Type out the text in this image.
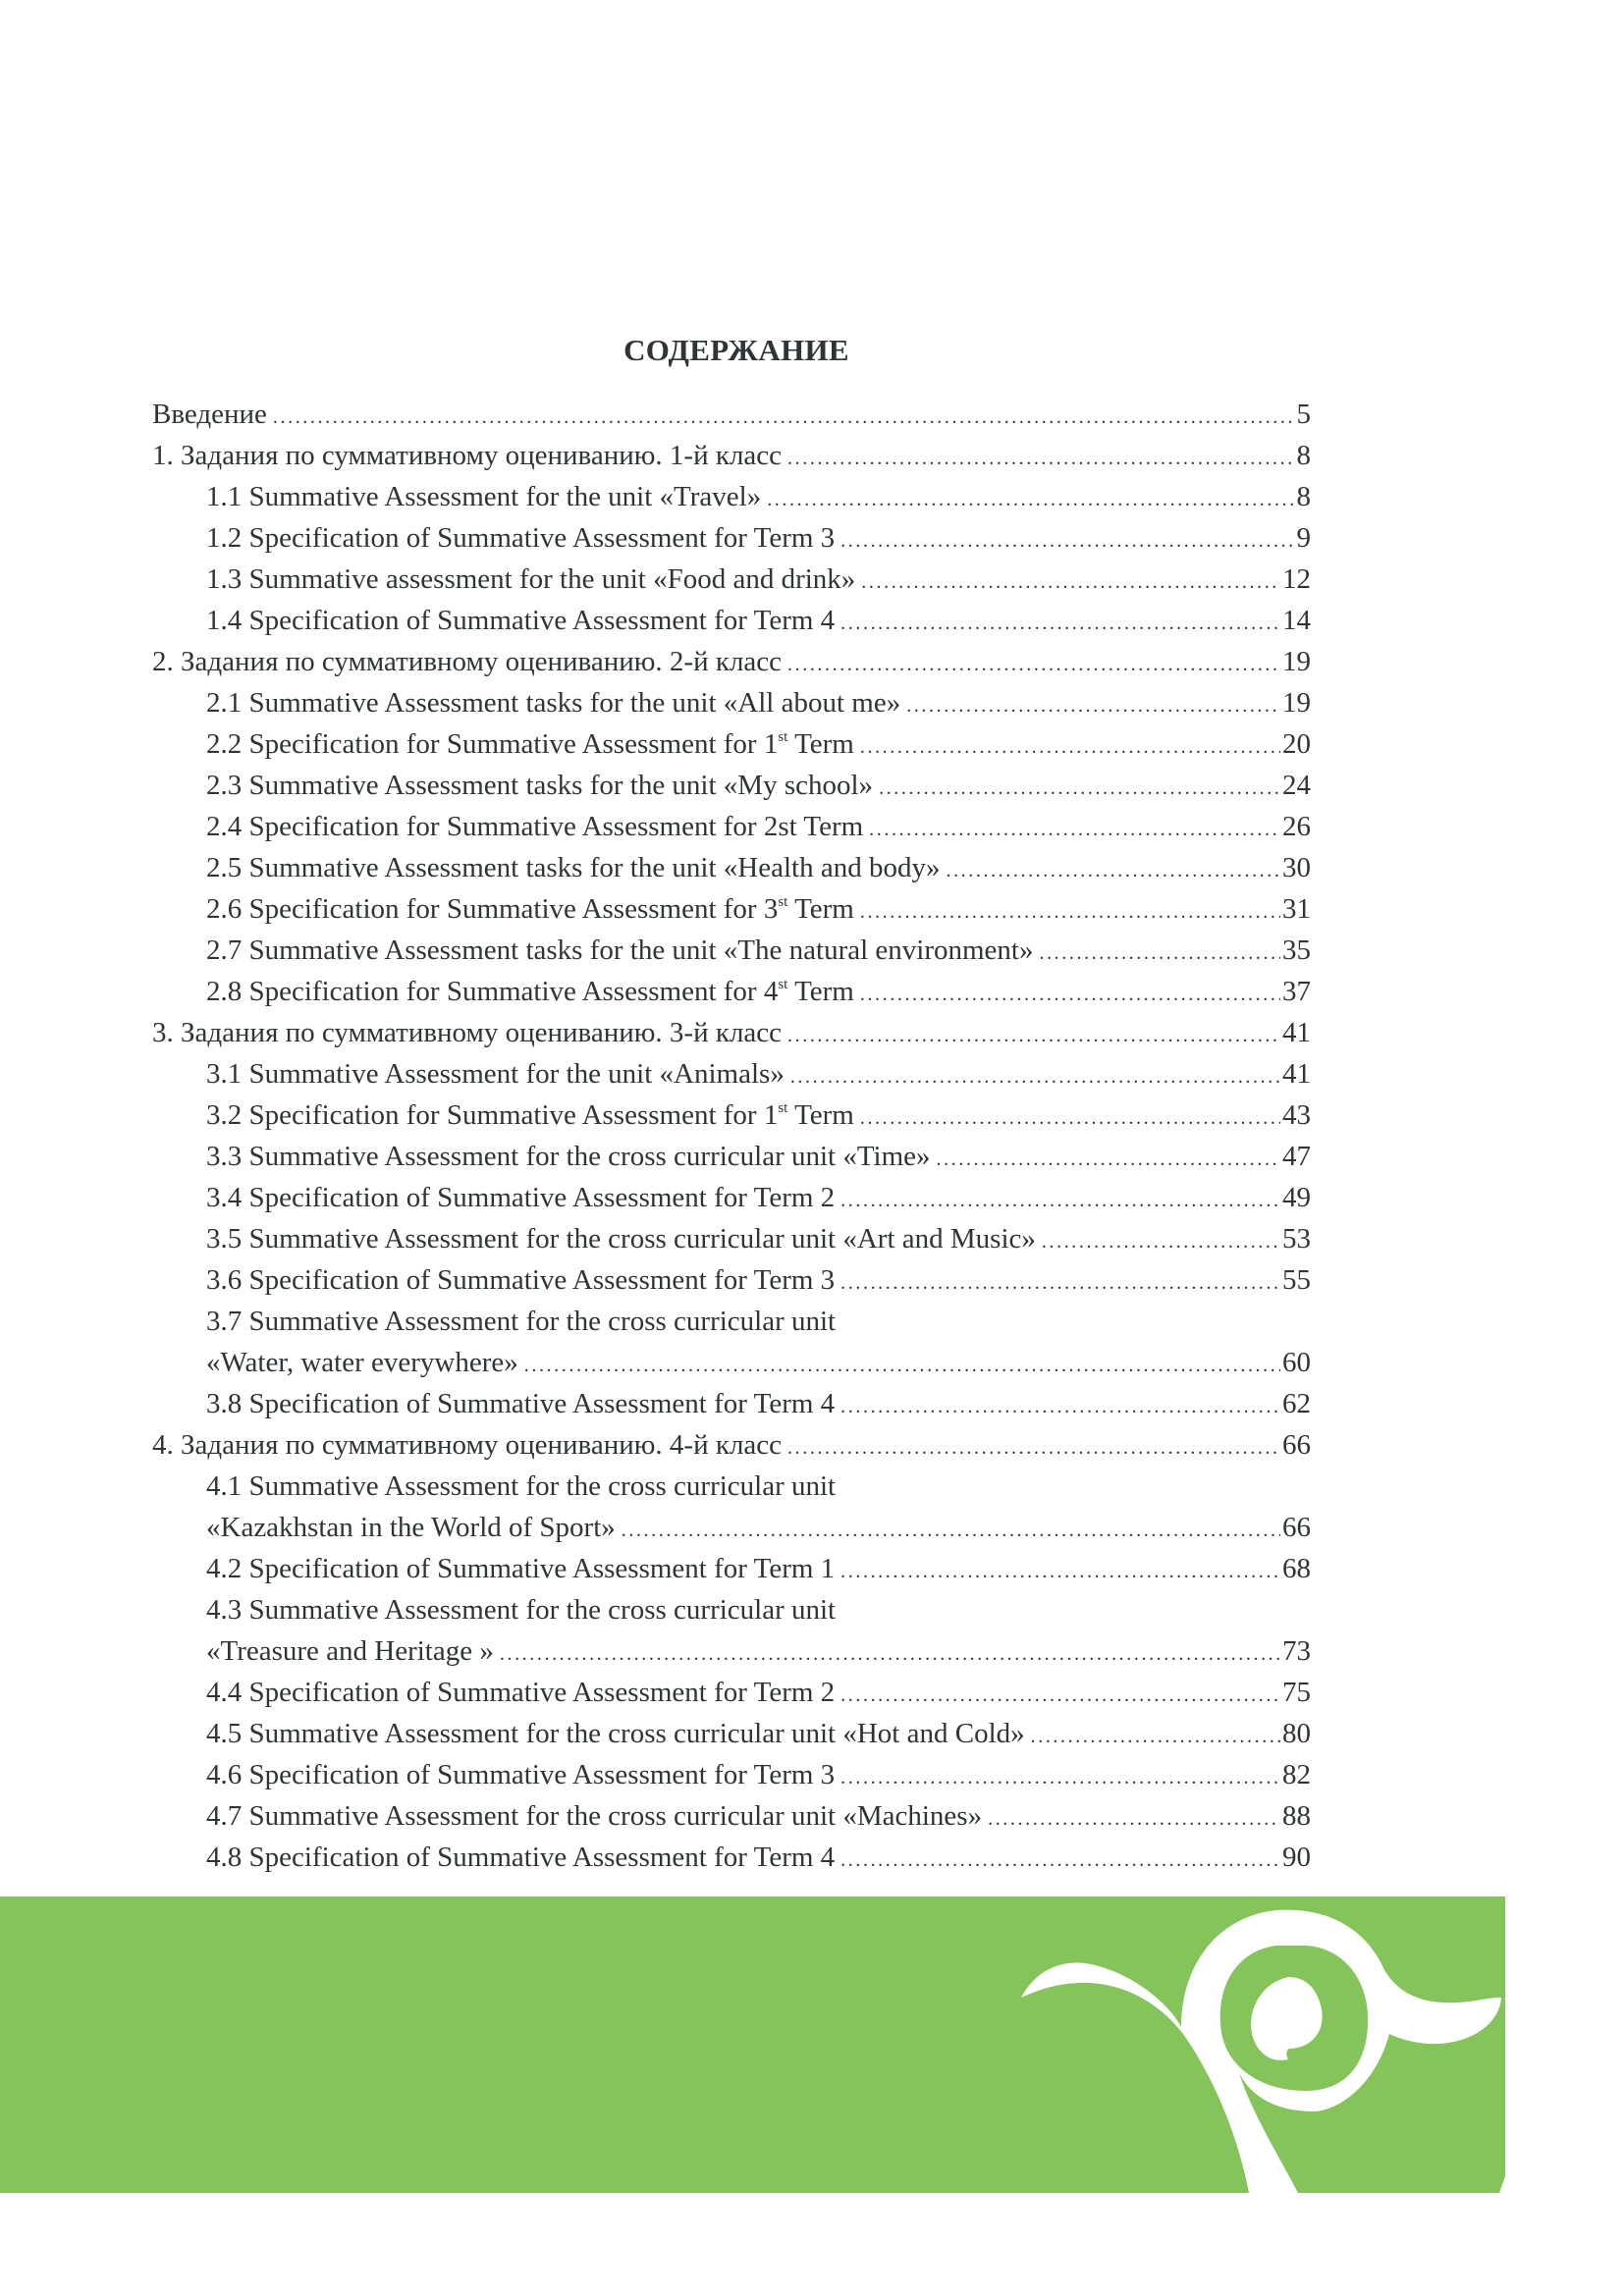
СОДЕРЖАНИЕ
Введение .....	5
1. Задания по суммативному оцениванию. 1-й класс .....	8
1.1 Summative Assessment for the unit «Travel» .....	8
1.2 Specification of Summative Assessment for Term 3 .....	9
1.3 Summative assessment for the unit «Food and drink» .....	12
1.4 Specification of Summative Assessment for Term 4 .....	14
2. Задания по суммативному оцениванию. 2-й класс .....	19
2.1 Summative Assessment tasks for the unit «All about me» .....	19
2.2 Specification for Summative Assessment for 1st Term .....	20
2.3 Summative Assessment tasks for the unit «My school» .....	24
2.4 Specification for Summative Assessment for 2st Term .....	26
2.5 Summative Assessment tasks for the unit «Health and body» .....	30
2.6 Specification for Summative Assessment for 3st Term .....	31
2.7 Summative Assessment tasks for the unit «The natural environment» .....	35
2.8 Specification for Summative Assessment for 4st Term .....	37
3. Задания по суммативному оцениванию. 3-й класс .....	41
3.1 Summative Assessment for the unit «Animals» .....	41
3.2 Specification for Summative Assessment for 1st Term .....	43
3.3 Summative Assessment for the cross curricular unit «Time» .....	47
3.4 Specification of Summative Assessment for Term 2 .....	49
3.5 Summative Assessment for the cross curricular unit «Art and Music» .....	53
3.6 Specification of Summative Assessment for Term 3 .....	55
3.7 Summative Assessment for the cross curricular unit
«Water, water everywhere» .....	60
3.8 Specification of Summative Assessment for Term 4 .....	62
4. Задания по суммативному оцениванию. 4-й класс .....	66
4.1 Summative Assessment for the cross curricular unit
«Kazakhstan in the World of Sport» .....	66
4.2 Specification of Summative Assessment for Term 1 .....	68
4.3 Summative Assessment for the cross curricular unit
«Treasure and Heritage » .....	73
4.4 Specification of Summative Assessment for Term 2 .....	75
4.5 Summative Assessment for the cross curricular unit «Hot and Cold» .....	80
4.6 Specification of Summative Assessment for Term 3 .....	82
4.7 Summative Assessment for the cross curricular unit «Machines» .....	88
4.8 Specification of Summative Assessment for Term 4 .....	90
